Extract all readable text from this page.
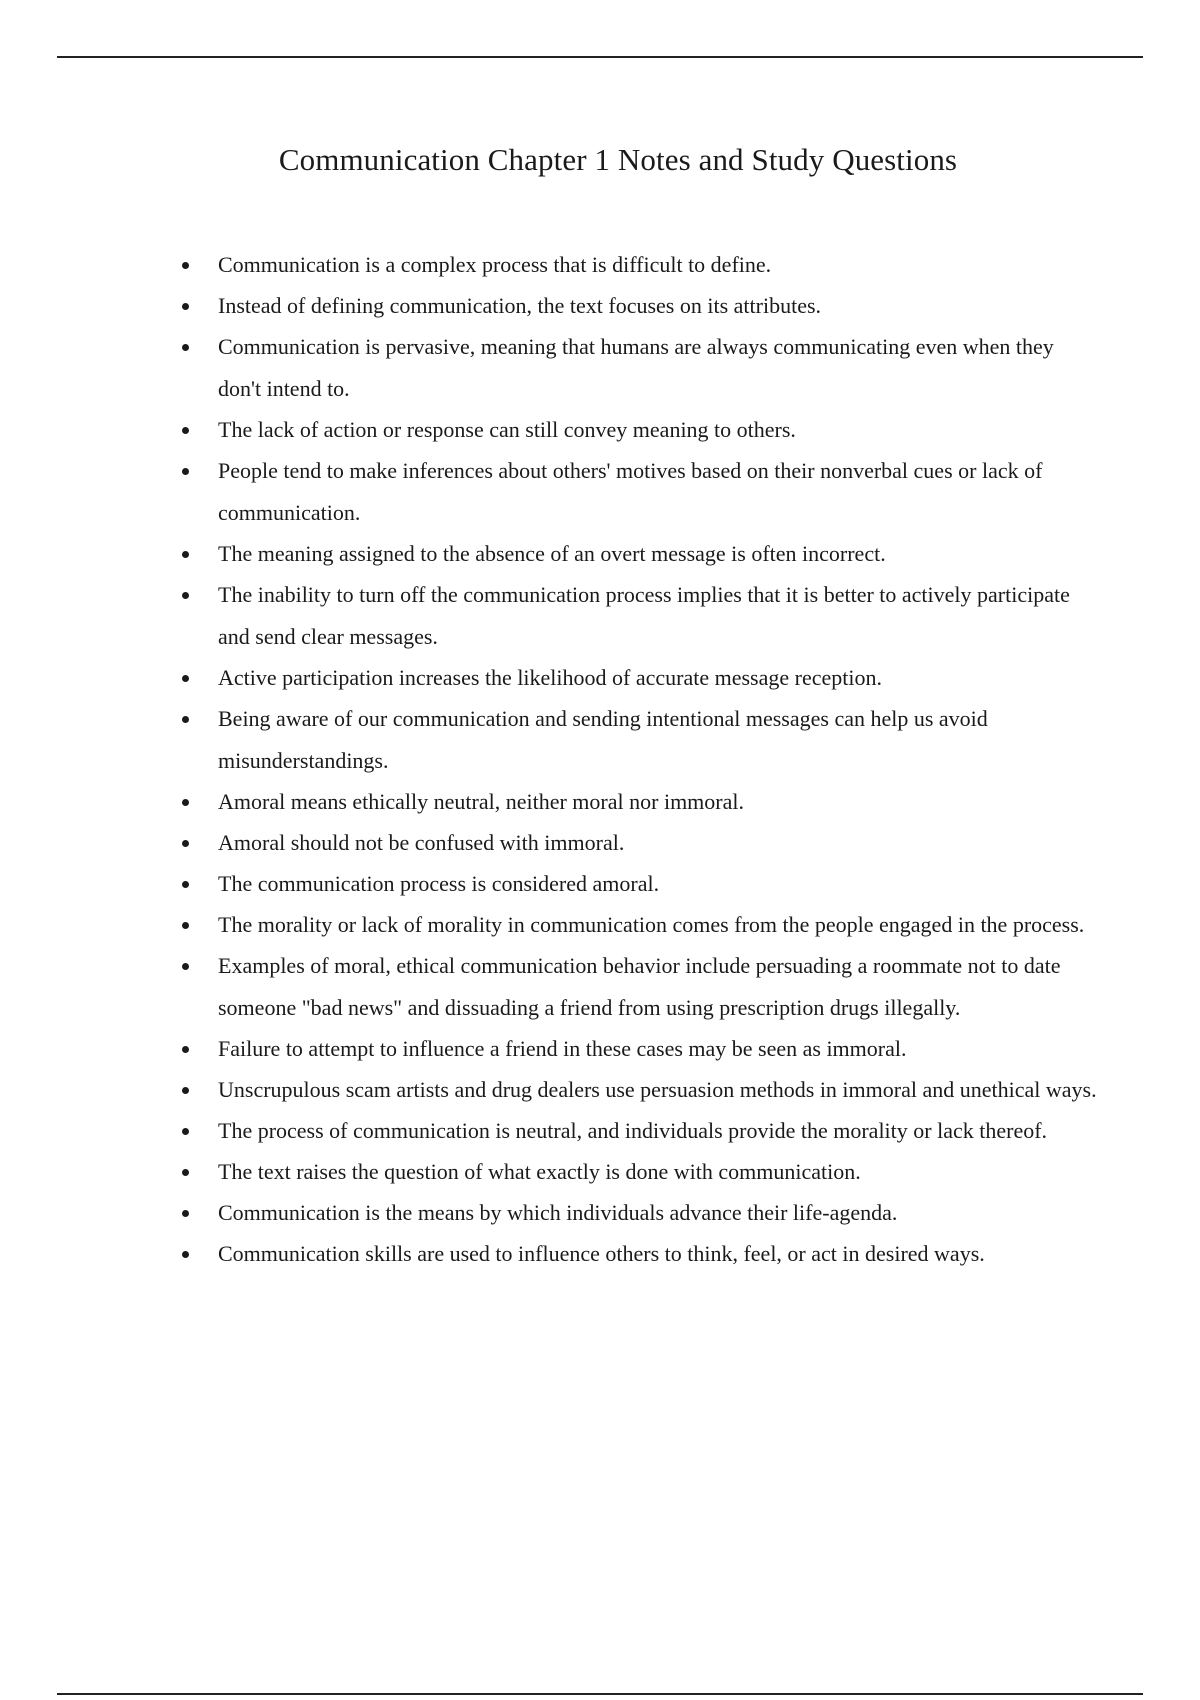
Communication Chapter 1 Notes and Study Questions
Communication is a complex process that is difficult to define.
Instead of defining communication, the text focuses on its attributes.
Communication is pervasive, meaning that humans are always communicating even when they don't intend to.
The lack of action or response can still convey meaning to others.
People tend to make inferences about others' motives based on their nonverbal cues or lack of communication.
The meaning assigned to the absence of an overt message is often incorrect.
The inability to turn off the communication process implies that it is better to actively participate and send clear messages.
Active participation increases the likelihood of accurate message reception.
Being aware of our communication and sending intentional messages can help us avoid misunderstandings.
Amoral means ethically neutral, neither moral nor immoral.
Amoral should not be confused with immoral.
The communication process is considered amoral.
The morality or lack of morality in communication comes from the people engaged in the process.
Examples of moral, ethical communication behavior include persuading a roommate not to date someone "bad news" and dissuading a friend from using prescription drugs illegally.
Failure to attempt to influence a friend in these cases may be seen as immoral.
Unscrupulous scam artists and drug dealers use persuasion methods in immoral and unethical ways.
The process of communication is neutral, and individuals provide the morality or lack thereof.
The text raises the question of what exactly is done with communication.
Communication is the means by which individuals advance their life-agenda.
Communication skills are used to influence others to think, feel, or act in desired ways.
